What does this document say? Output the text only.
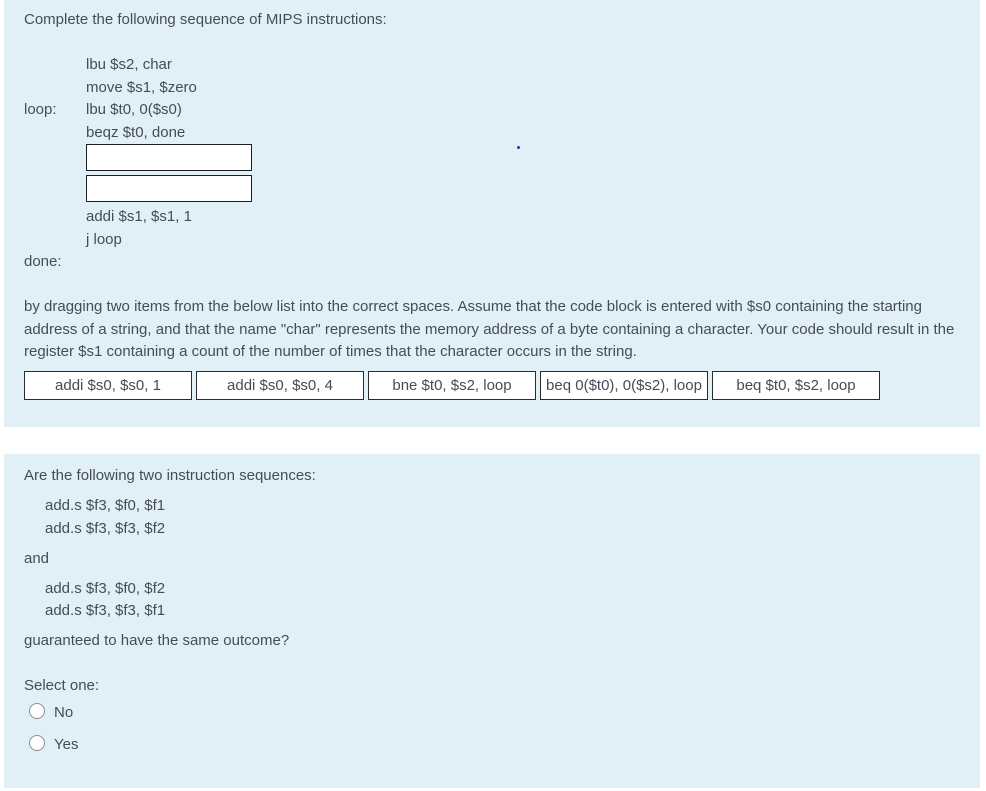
Complete the following sequence of MIPS instructions:
lbu $s2, char
move $s1, $zero
loop: lbu $t0, 0($s0)
beqz $t0, done
addi $s1, $s1, 1
j loop
done:
by dragging two items from the below list into the correct spaces. Assume that the code block is entered with $s0 containing the starting
address of a string, and that the name "char" represents the memory address of a byte containing a character. Your code should result in the
register $s1 containing a count of the number of times that the character occurs in the string.
addi $s0, $s0, 1	addi $s0, $s0, 4	bne $t0, $s2, loop	beq 0($t0), 0($s2), loop	beq $t0, $s2, loop
Are the following two instruction sequences:
add.s $f3, $f0, $f1
add.s $f3, $f3, $f2
and
add.s $f3, $f0, $f2
add.s $f3, $f3, $f1
guaranteed to have the same outcome?
Select one:
No
Yes
